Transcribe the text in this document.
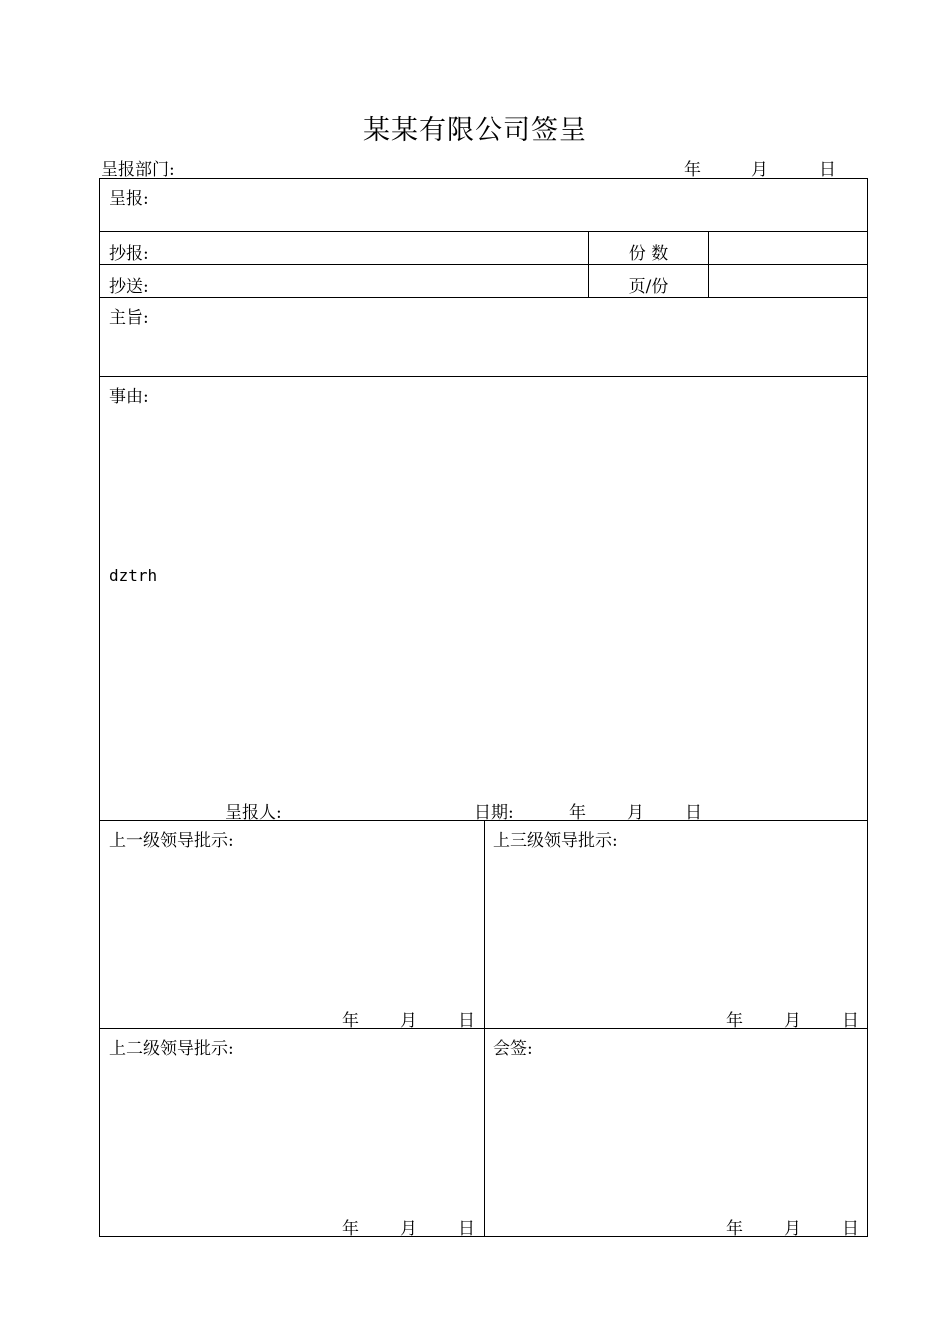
某某有限公司签呈
呈报部门:	年	月	日
呈报:
抄报:	份 数
抄送:	页/份
主旨:
事由:
dztrh
呈报人:	日期:	年 月 日
上一级领导批示:
年 月 日
上三级领导批示:
年 月 日
上二级领导批示:
年 月 日
会签:
年 月 日
